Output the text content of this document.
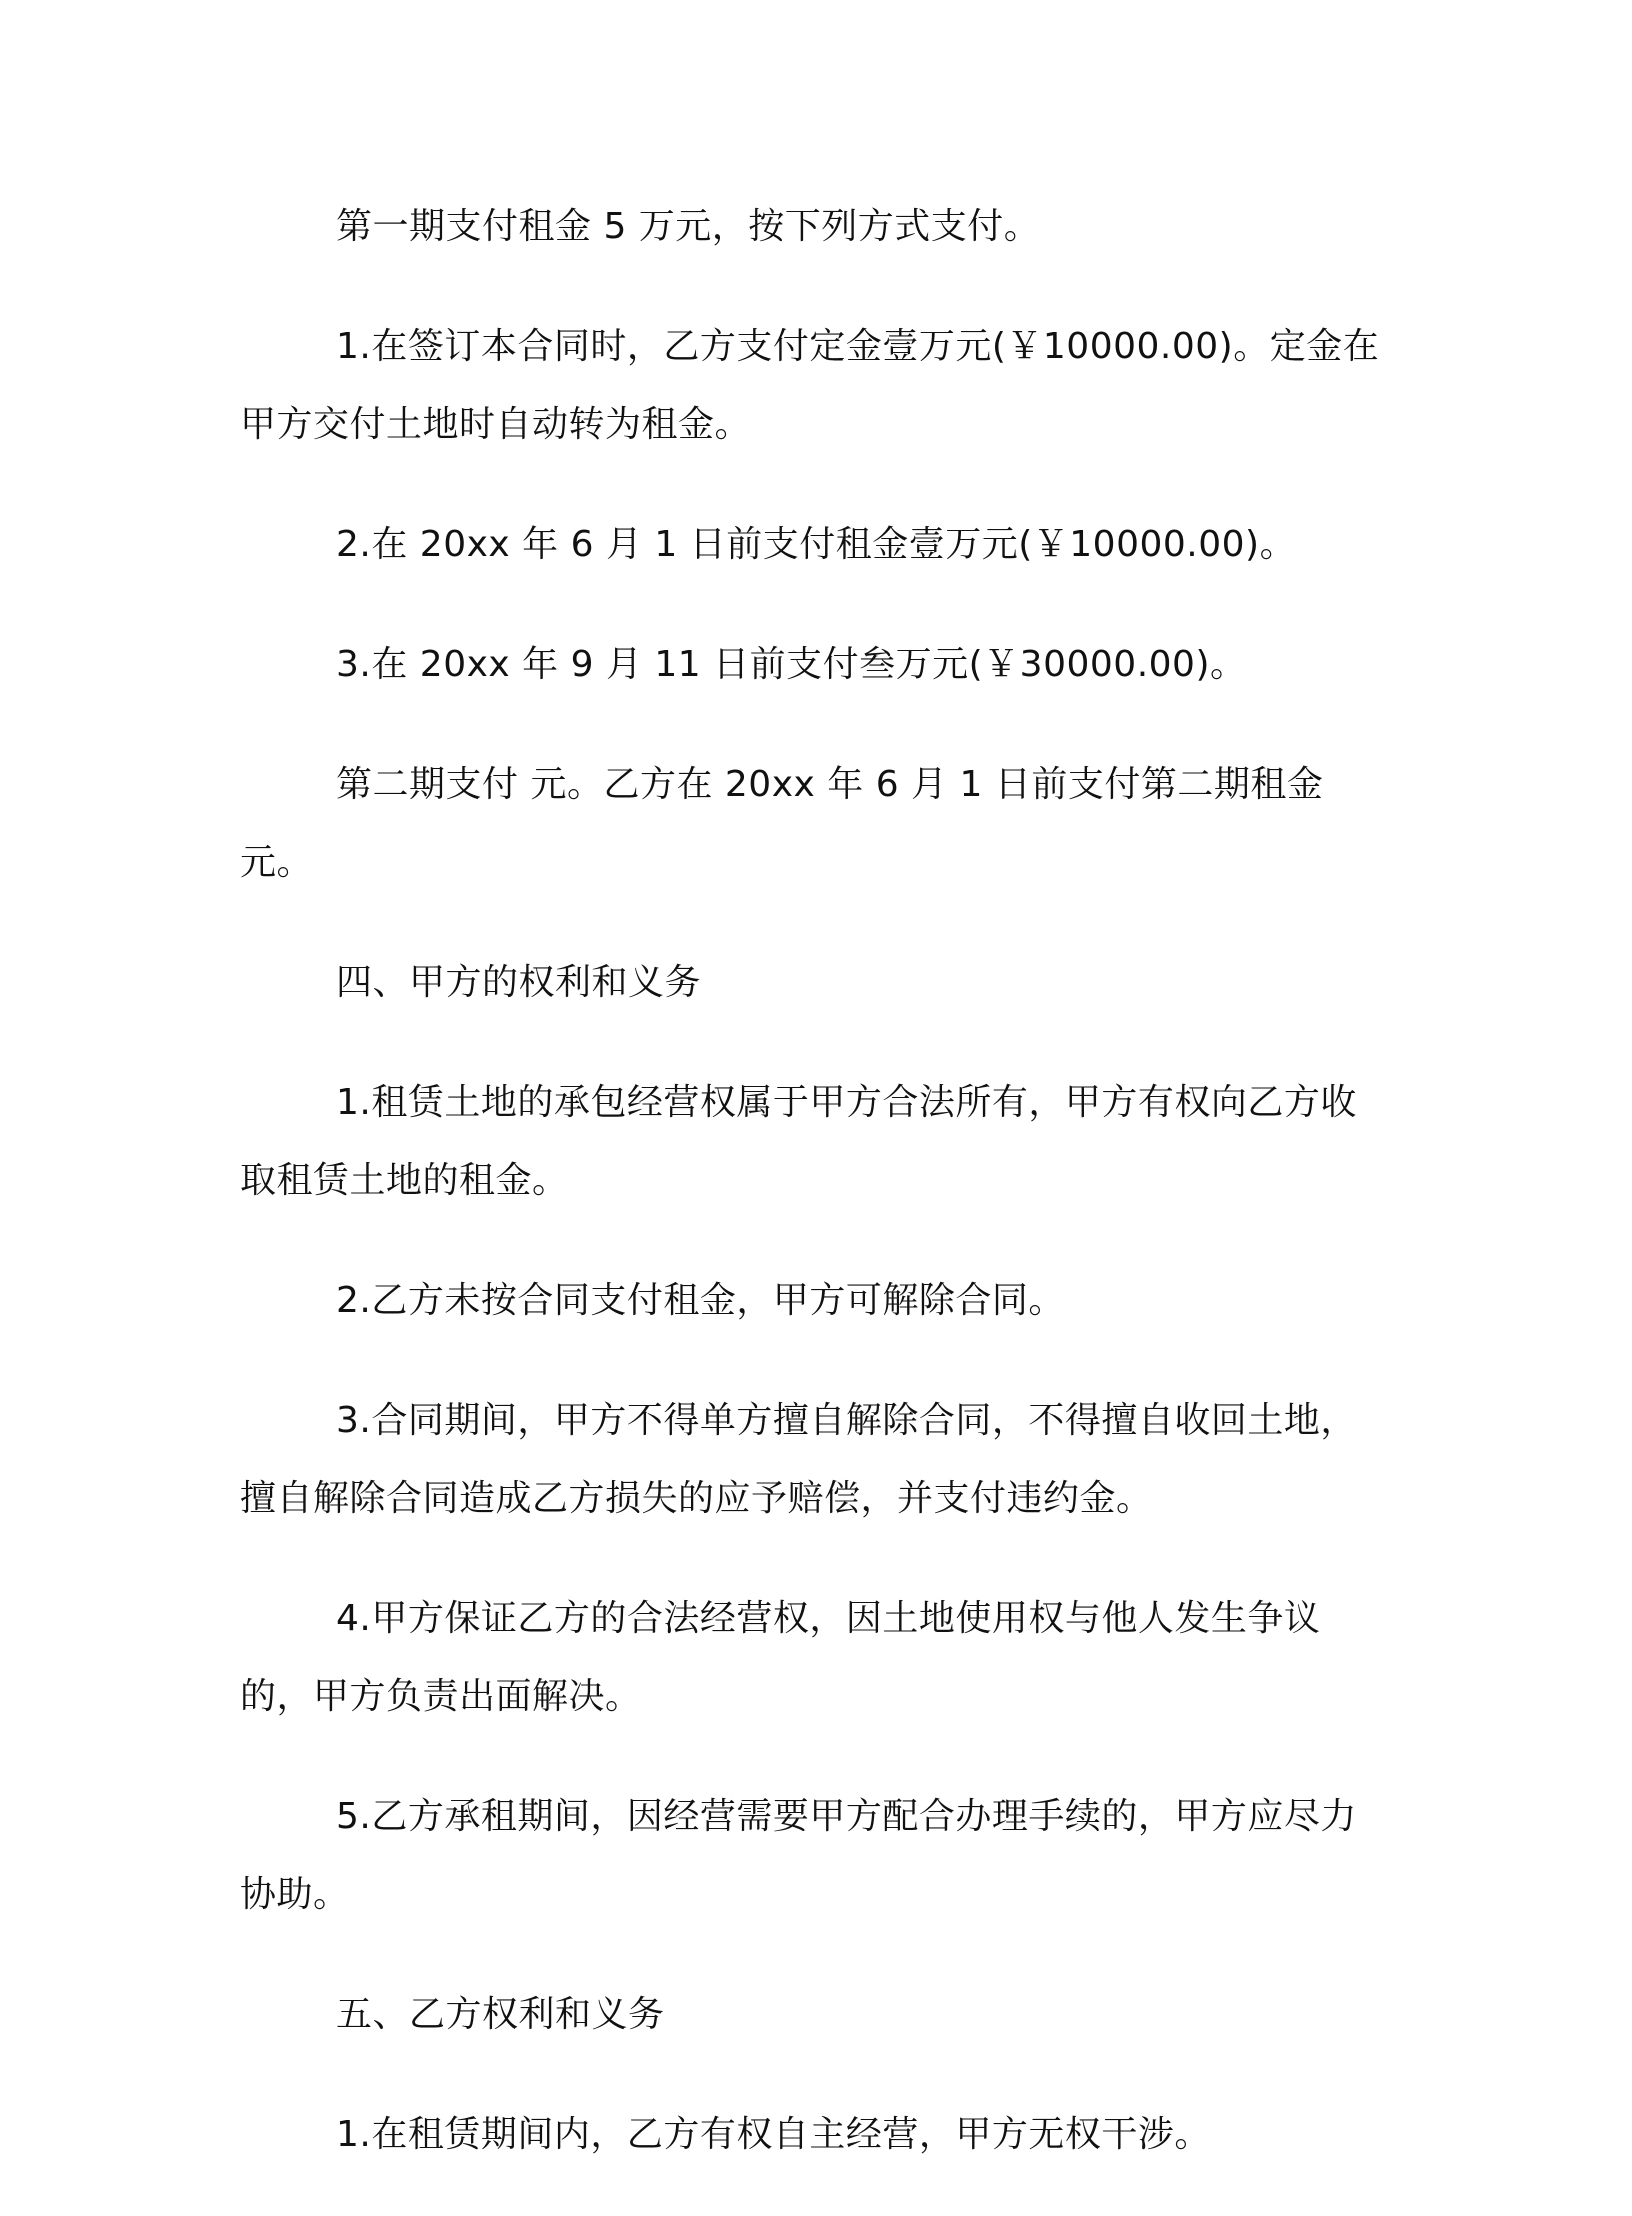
第一期支付租金 5 万元，按下列方式支付。

1.在签订本合同时，乙方支付定金壹万元(￥10000.00)。定金在甲方交付土地时自动转为租金。

2.在 20xx 年 6 月 1 日前支付租金壹万元(￥10000.00)。

3.在 20xx 年 9 月 11 日前支付叁万元(￥30000.00)。

第二期支付 元。乙方在 20xx 年 6 月 1 日前支付第二期租金 元。

四、甲方的权利和义务

1.租赁土地的承包经营权属于甲方合法所有，甲方有权向乙方收取租赁土地的租金。

2.乙方未按合同支付租金，甲方可解除合同。

3.合同期间，甲方不得单方擅自解除合同，不得擅自收回土地，擅自解除合同造成乙方损失的应予赔偿，并支付违约金。

4.甲方保证乙方的合法经营权，因土地使用权与他人发生争议的，甲方负责出面解决。

5.乙方承租期间，因经营需要甲方配合办理手续的，甲方应尽力协助。

五、乙方权利和义务

1.在租赁期间内，乙方有权自主经营，甲方无权干涉。
